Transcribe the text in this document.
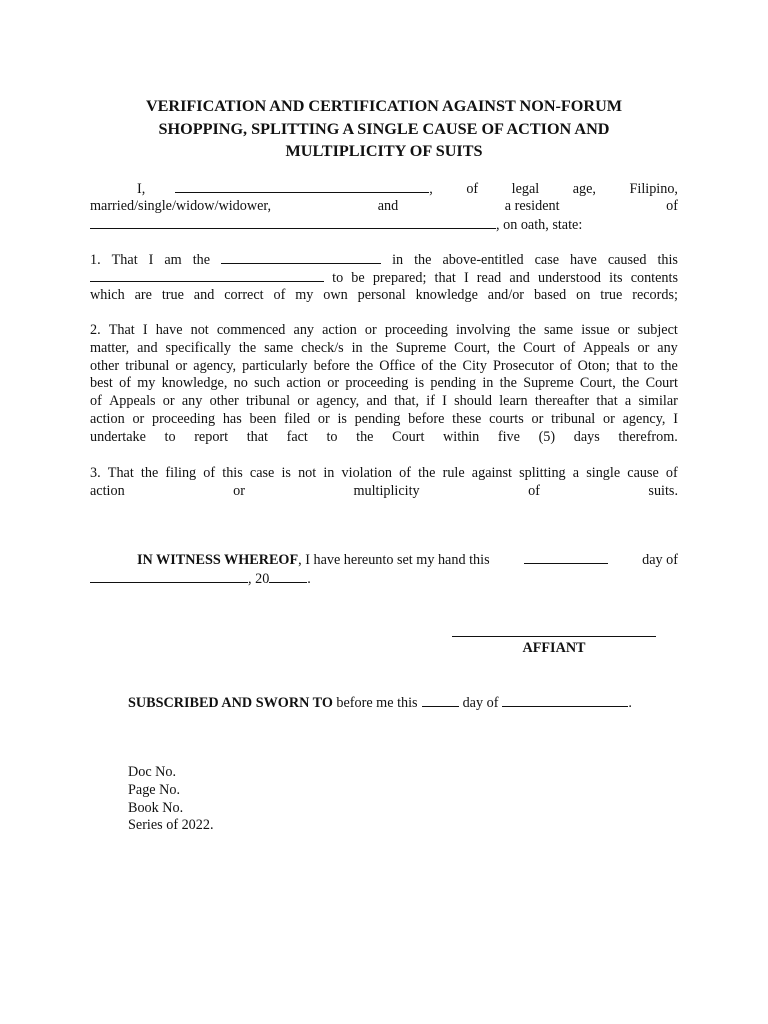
VERIFICATION AND CERTIFICATION AGAINST NON-FORUM
SHOPPING, SPLITTING A SINGLE CAUSE OF ACTION AND
MULTIPLICITY OF SUITS
I,	, of legal age, Filipino,
married/single/widow/widower,	and	a resident	of
, on oath, state:
1. That I am the	in the above-entitled case have caused this
to be prepared; that I read and understood its contents
which are true and correct of my own personal knowledge and/or based on true records;
2. That I have not commenced any action or proceeding involving the same issue or subject
matter, and specifically the same check/s in the Supreme Court, the Court of Appeals or any
other tribunal or agency, particularly before the Office of the City Prosecutor of Oton; that to the
best of my knowledge, no such action or proceeding is pending in the Supreme Court, the Court
of Appeals or any other tribunal or agency, and that, if I should learn thereafter that a similar
action or proceeding has been filed or is pending before these courts or tribunal or agency, I
undertake to report that fact to the Court within five (5) days therefrom.
3. That the filing of this case is not in violation of the rule against splitting a single cause of
action	or	multiplicity	of	suits.
IN WITNESS WHEREOF, I have hereunto set my hand this	day of
, 20	.
AFFIANT
SUBSCRIBED AND SWORN TO before me this	day of	.
Doc No.
Page No.
Book No.
Series of 2022.
